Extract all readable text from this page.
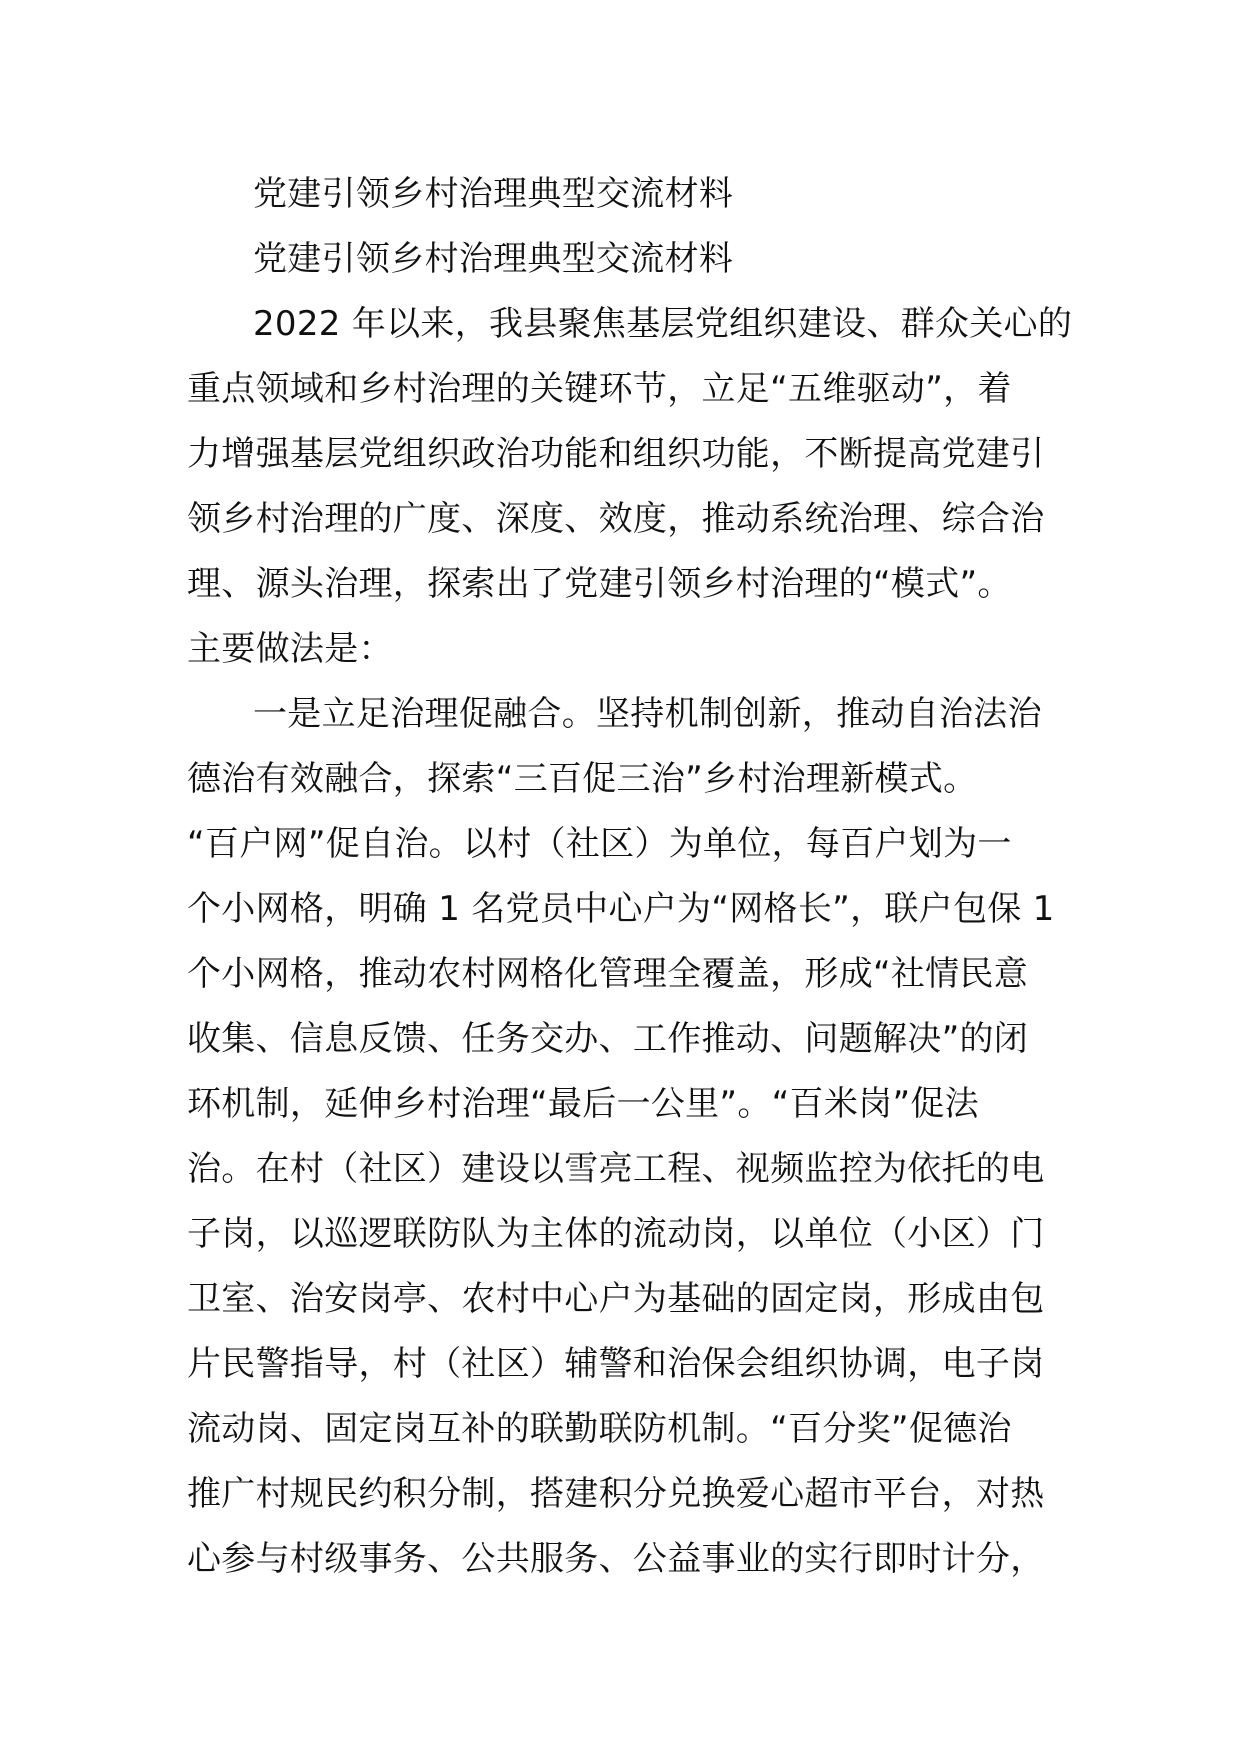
党建引领乡村治理典型交流材料
党建引领乡村治理典型交流材料
2022 年以来，我县聚焦基层党组织建设、群众关心的
重点领域和乡村治理的关键环节，立足“五维驱动”，着
力增强基层党组织政治功能和组织功能，不断提高党建引
领乡村治理的广度、深度、效度，推动系统治理、综合治
理、源头治理，探索出了党建引领乡村治理的“模式”。
主要做法是：
一是立足治理促融合。坚持机制创新，推动自治法治
德治有效融合，探索“三百促三治”乡村治理新模式。
“百户网”促自治。以村（社区）为单位，每百户划为一
个小网格，明确 1 名党员中心户为“网格长”，联户包保 1
个小网格，推动农村网格化管理全覆盖，形成“社情民意
收集、信息反馈、任务交办、工作推动、问题解决”的闭
环机制，延伸乡村治理“最后一公里”。“百米岗”促法
治。在村（社区）建设以雪亮工程、视频监控为依托的电
子岗，以巡逻联防队为主体的流动岗，以单位（小区）门
卫室、治安岗亭、农村中心户为基础的固定岗，形成由包
片民警指导，村（社区）辅警和治保会组织协调，电子岗
流动岗、固定岗互补的联勤联防机制。“百分奖”促德治
推广村规民约积分制，搭建积分兑换爱心超市平台，对热
心参与村级事务、公共服务、公益事业的实行即时计分，
